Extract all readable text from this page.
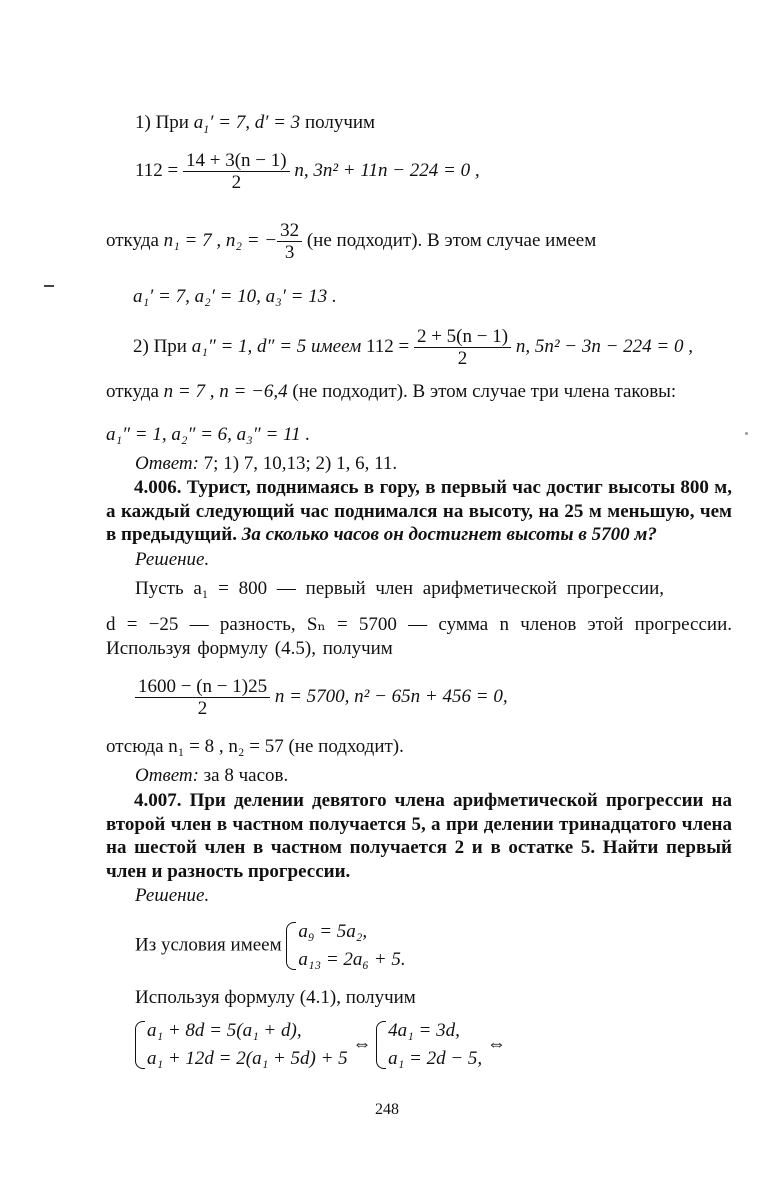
1) При $a_1' = 7$, d′ = 3 получим
$112 = \frac{14 + 3(n - 1)}{2} n$, 3n² + 11n − 224 = 0 ,
откуда n₁ = 7 , n₂ = − $\frac{32}{3} (не$ подходит). В этом случае имеем
a₁′ = 7, a₂′ = 10, a₃′ = 13 .
2) При a₁″ = 1, d″ = 5 имеем $112 = \frac{2 + 5(n - 1)}{2} n$, 5n² − 3n − 224 = 0 ,
откуда n = 7 , n = −6,4 (не подходит). В этом случае три члена таковы:
a₁″ = 1, a₂″ = 6, a₃″ = 11 .
Ответ: 7; 1) 7, 10,13; 2) 1, 6, 11.
4.006. Турист, поднимаясь в гору, в первый час достиг высоты 800 м, а каждый следующий час поднимался на высоту, на 25 м меньшую, чем в предыдущий. За сколько часов он достигнет высоты в 5700 м?
Решение.
Пусть a₁ = 800 — первый член арифметической прогрессии,
d = −25 — разность, Sₙ = 5700 — сумма n членов этой прогрессии. Используя формулу (4.5), получим
$\frac{1600 - (n - 1)25}{2}$ n = 5700, n² − 65n + 456 = 0,
отсюда n₁ = 8 , n₂ = 57 (не подходит).
Ответ: за 8 часов.
4.007. При делении девятого члена арифметической прогрессии на второй член в частном получается 5, а при делении тринадцатого члена на шестой член в частном получается 2 и в остатке 5. Найти первый член и разность прогрессии.
Решение.
Из условия имеем
a₉ = 5a₂,
a₁₃ = 2a₆ + 5.
Используя формулу (4.1), получим
a₁ + 8d = 5(a₁ + d),
a₁ + 12d = 2(a₁ + 5d) + 5
⇔
4a₁ = 3d,
a₁ = 2d − 5,
⇔
248
